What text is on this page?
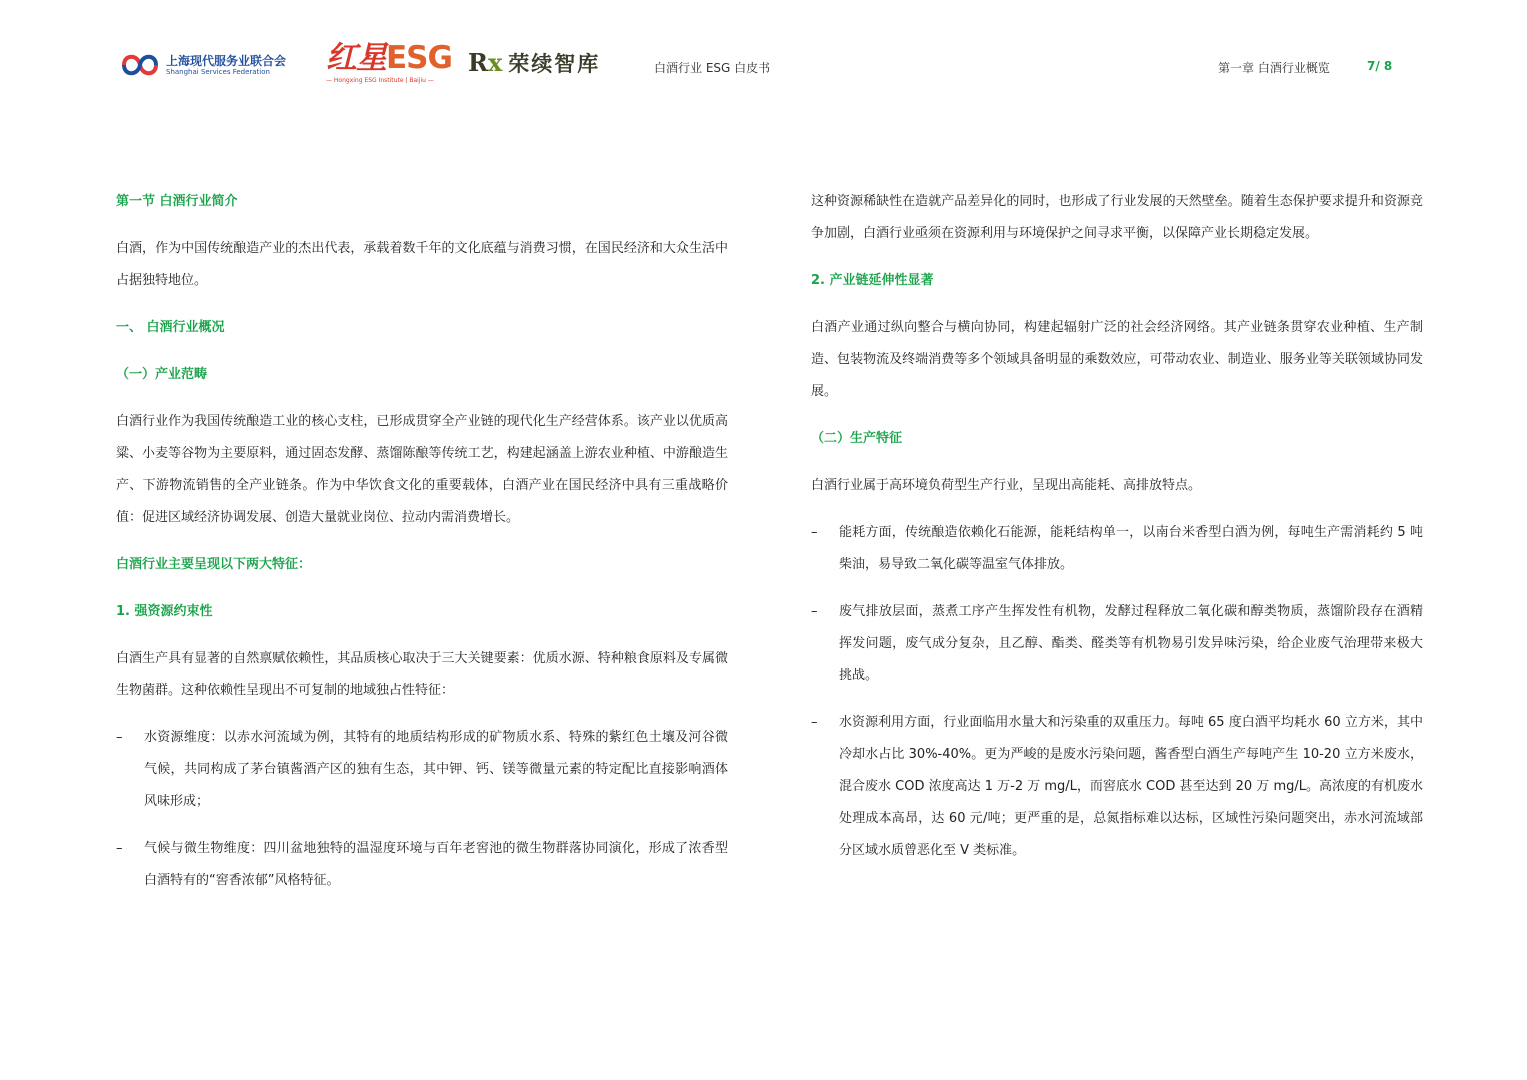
上海现代服务业联合会
Shanghai Services Federation	红星ESG
— Hongxing ESG Institute | Baijiu —
Rx 荣续智库	白酒行业 ESG 白皮书	第一章 白酒行业概览	7/ 8
第一节 白酒行业简介

白酒，作为中国传统酿造产业的杰出代表，承载着数千年的文化底蕴与消费习惯，在国民经济和大众生活中占据独特地位。

一、 白酒行业概况
（一）产业范畴

白酒行业作为我国传统酿造工业的核心支柱，已形成贯穿全产业链的现代化生产经营体系。该产业以优质高粱、小麦等谷物为主要原料，通过固态发酵、蒸馏陈酿等传统工艺，构建起涵盖上游农业种植、中游酿造生产、下游物流销售的全产业链条。作为中华饮食文化的重要载体，白酒产业在国民经济中具有三重战略价值：促进区域经济协调发展、创造大量就业岗位、拉动内需消费增长。

白酒行业主要呈现以下两大特征：
1. 强资源约束性

白酒生产具有显著的自然禀赋依赖性，其品质核心取决于三大关键要素：优质水源、特种粮食原料及专属微生物菌群。这种依赖性呈现出不可复制的地域独占性特征：

–	水资源维度：以赤水河流域为例，其特有的地质结构形成的矿物质水系、特殊的紫红色土壤及河谷微气候，共同构成了茅台镇酱酒产区的独有生态，其中钾、钙、镁等微量元素的特定配比直接影响酒体风味形成；
–	气候与微生物维度：四川盆地独特的温湿度环境与百年老窖池的微生物群落协同演化，形成了浓香型白酒特有的“窖香浓郁”风格特征。

这种资源稀缺性在造就产品差异化的同时，也形成了行业发展的天然壁垒。随着生态保护要求提升和资源竞争加剧，白酒行业亟须在资源利用与环境保护之间寻求平衡，以保障产业长期稳定发展。

2. 产业链延伸性显著

白酒产业通过纵向整合与横向协同，构建起辐射广泛的社会经济网络。其产业链条贯穿农业种植、生产制造、包装物流及终端消费等多个领域具备明显的乘数效应，可带动农业、制造业、服务业等关联领域协同发展。

（二）生产特征

白酒行业属于高环境负荷型生产行业，呈现出高能耗、高排放特点。

–	能耗方面，传统酿造依赖化石能源，能耗结构单一，以南台米香型白酒为例，每吨生产需消耗约 5 吨柴油，易导致二氧化碳等温室气体排放。
–	废气排放层面，蒸煮工序产生挥发性有机物，发酵过程释放二氧化碳和醇类物质，蒸馏阶段存在酒精挥发问题，废气成分复杂，且乙醇、酯类、醛类等有机物易引发异味污染，给企业废气治理带来极大挑战。
–	水资源利用方面，行业面临用水量大和污染重的双重压力。每吨 65 度白酒平均耗水 60 立方米，其中冷却水占比 30%-40%。更为严峻的是废水污染问题，酱香型白酒生产每吨产生 10-20 立方米废水，混合废水 COD 浓度高达 1 万-2 万 mg/L，而窖底水 COD 甚至达到 20 万 mg/L。高浓度的有机废水处理成本高昂，达 60 元/吨；更严重的是，总氮指标难以达标，区域性污染问题突出，赤水河流域部分区域水质曾恶化至 V 类标准。
